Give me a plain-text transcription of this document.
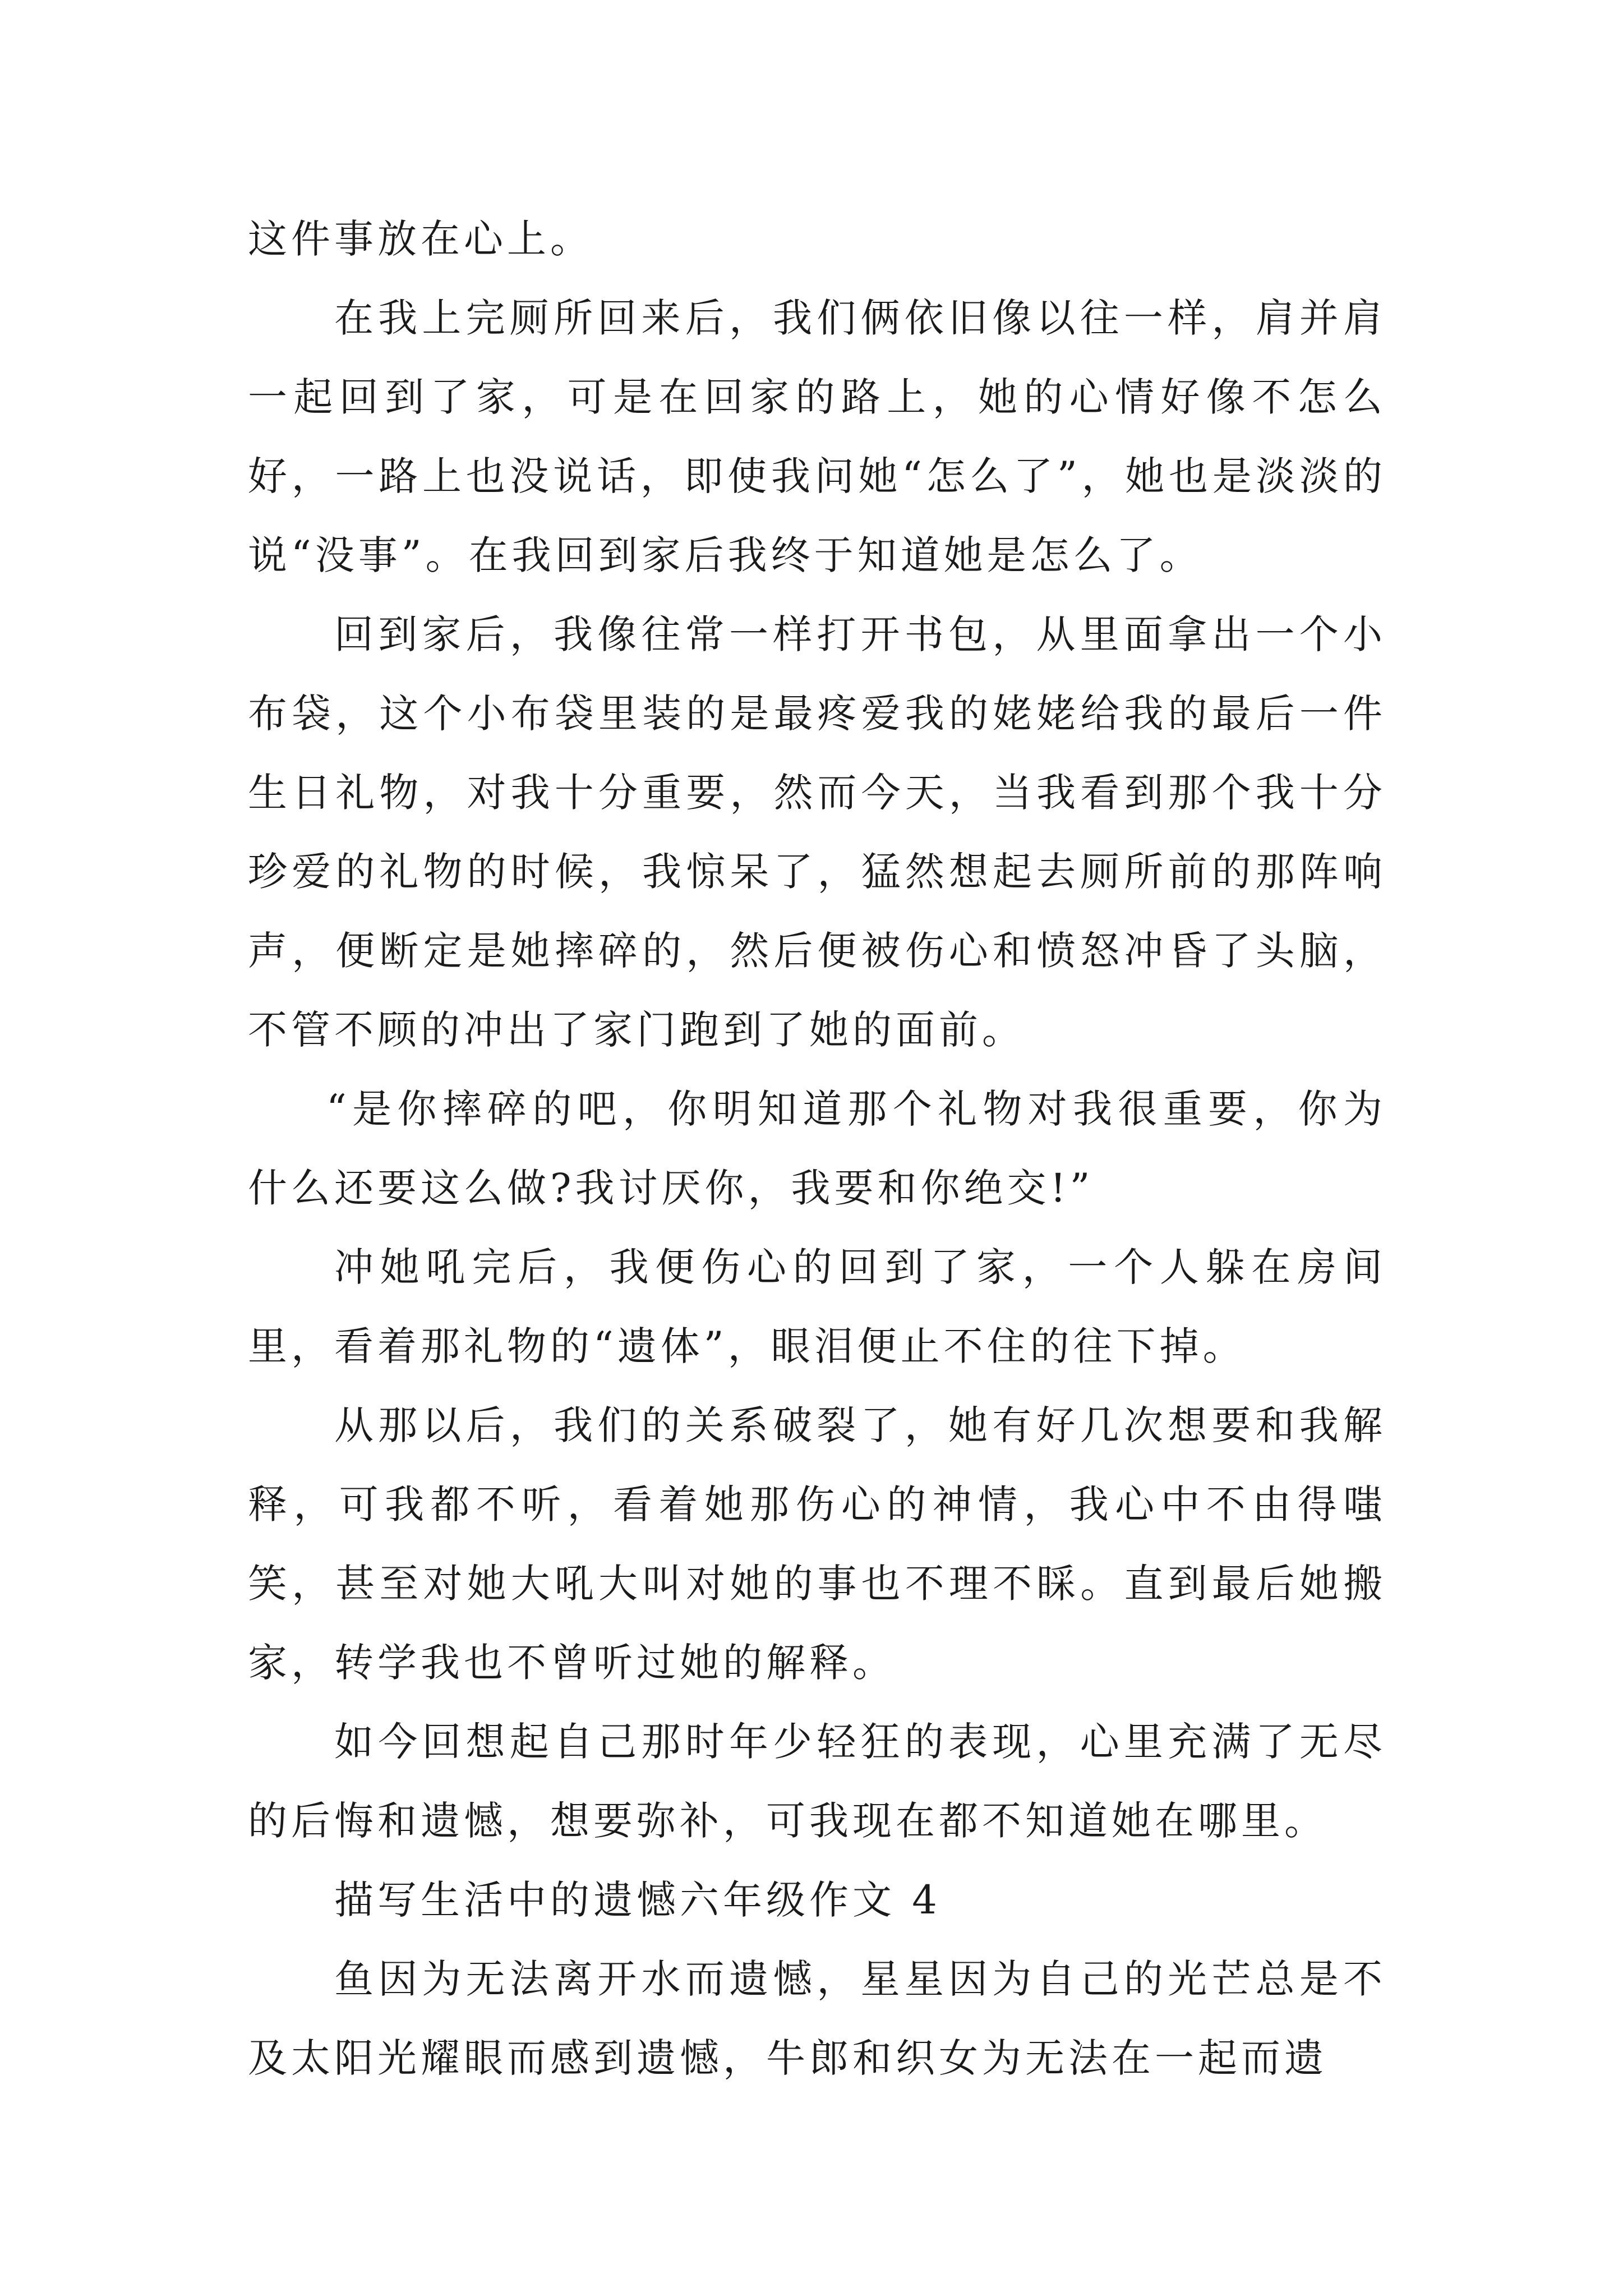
这件事放在心上。

在我上完厕所回来后，我们俩依旧像以往一样，肩并肩一起回到了家，可是在回家的路上，她的心情好像不怎么好，一路上也没说话，即使我问她“怎么了”，她也是淡淡的说“没事”。在我回到家后我终于知道她是怎么了。

回到家后，我像往常一样打开书包，从里面拿出一个小布袋，这个小布袋里装的是最疼爱我的姥姥给我的最后一件生日礼物，对我十分重要，然而今天，当我看到那个我十分珍爱的礼物的时候，我惊呆了，猛然想起去厕所前的那阵响声，便断定是她摔碎的，然后便被伤心和愤怒冲昏了头脑，不管不顾的冲出了家门跑到了她的面前。

“是你摔碎的吧，你明知道那个礼物对我很重要，你为什么还要这么做?我讨厌你，我要和你绝交!”

冲她吼完后，我便伤心的回到了家，一个人躲在房间里，看着那礼物的“遗体”，眼泪便止不住的往下掉。

从那以后，我们的关系破裂了，她有好几次想要和我解释，可我都不听，看着她那伤心的神情，我心中不由得嗤笑，甚至对她大吼大叫对她的事也不理不睬。直到最后她搬家，转学我也不曾听过她的解释。

如今回想起自己那时年少轻狂的表现，心里充满了无尽的后悔和遗憾，想要弥补，可我现在都不知道她在哪里。

描写生活中的遗憾六年级作文 4

鱼因为无法离开水而遗憾，星星因为自己的光芒总是不及太阳光耀眼而感到遗憾，牛郎和织女为无法在一起而遗
